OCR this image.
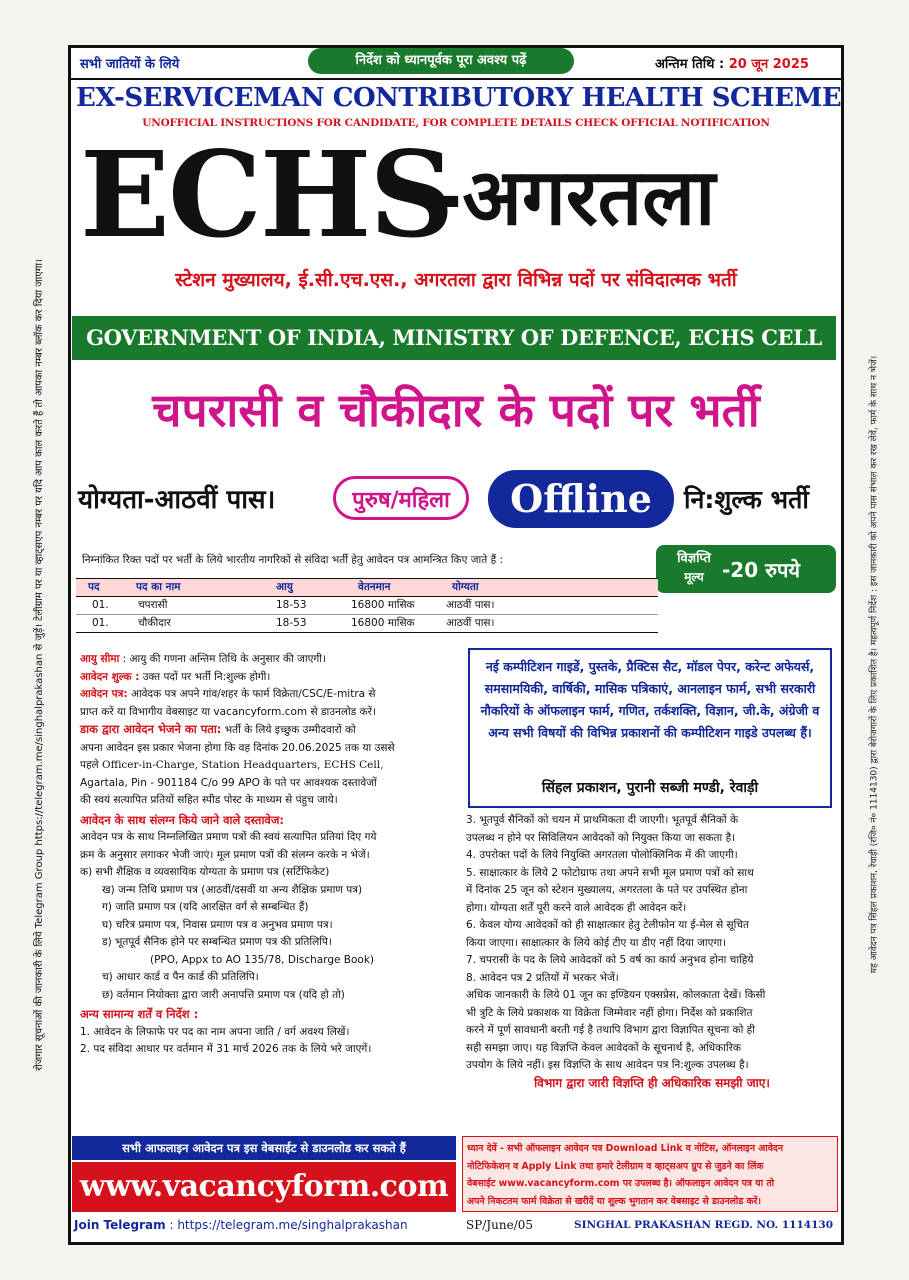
रोजगार सूचनाओं की जानकारी के लिये Telegram Group https://telegram.me/singhalprakashan से जुड़ें। टेलीग्राम पर या व्हाट्सएप नम्बर पर यदि आप काल करते हैं तो आपका नम्बर ब्लॉक कर दिया जाएगा।	यह आवेदन पत्र सिंहल प्रकाशन, रेवाड़ी (रजि० नं० 1114130) द्वारा बेरोजगारों के लिए प्रकाशित है। महत्वपूर्ण निर्देश : इस जानकारी को अपने पास संभाल कर रख लेवें, फार्म के साथ न भेजें।
सभी जातियों के लिये	निर्देश को ध्यानपूर्वक पूरा अवश्य पढ़ें	अन्तिम तिथि : 20 जून 2025
EX-SERVICEMAN CONTRIBUTORY HEALTH SCHEME
UNOFFICIAL INSTRUCTIONS FOR CANDIDATE, FOR COMPLETE DETAILS CHECK OFFICIAL NOTIFICATION
ECHS
-अगरतला
स्टेशन मुख्यालय, ई.सी.एच.एस., अगरतला द्वारा विभिन्न पदों पर संविदात्मक भर्ती
GOVERNMENT OF INDIA, MINISTRY OF DEFENCE, ECHS CELL
चपरासी व चौकीदार के पदों पर भर्ती
योग्यता-आठवीं पास।	पुरुष/महिला	Offline	नि:शुल्क भर्ती
निम्नांकित रिक्त पदों पर भर्ती के लिये भारतीय नागरिकों से संविदा भर्ती हेतु आवेदन पत्र आमन्त्रित किए जाते हैं :	विज्ञप्ति
मूल्य -20 रुपये
पद	पद का नाम	आयु	वेतनमान	योग्यता
01.	चपरासी	18-53	16800 मासिक	आठवीं पास।
01.	चौकीदार	18-53	16800 मासिक	आठवीं पास।

आयु सीमा : आयु की गणना अन्तिम तिथि के अनुसार की जाएगी।

आवेदन शुल्क : उक्त पदों पर भर्ती नि:शुल्क होगी।

आवेदन पत्र: आवेदक पत्र अपने गांव/शहर के फार्म विक्रेता/CSC/E-mitra से

प्राप्त करें या विभागीय वेबसाइट या vacancyform.com से डाउनलोड करें।

डाक द्वारा आवेदन भेजने का पता: भर्ती के लिये इच्छुक उम्मीदवारों को

अपना आवेदन इस प्रकार भेजना होगा कि वह दिनांक 20.06.2025 तक या उससे

पहले Officer-in-Charge, Station Headquarters, ECHS Cell,

Agartala, Pin - 901184 C/o 99 APO के पते पर आवश्यक दस्तावेजों

की स्वयं सत्यापित प्रतियों सहित स्पीड पोस्ट के माध्यम से पंहुच जाये।

आवेदन के साथ संलग्न किये जाने वाले दस्तावेज:

आवेदन पत्र के साथ निम्नलिखित प्रमाण पत्रों की स्वयं सत्यापित प्रतियां दिए गये

क्रम के अनुसार लगाकर भेजी जाएं। मूल प्रमाण पत्रों की संलग्न करके न भेजें।

क) सभी शैक्षिक व व्यवसायिक योग्यता के प्रमाण पत्र (सर्टिफिकेट)

ख) जन्म तिथि प्रमाण पत्र (आठवीं/दसवीं या अन्य शैक्षिक प्रमाण पत्र)

ग) जाति प्रमाण पत्र (यदि आरक्षित वर्ग से सम्बन्धित हैं)

घ) चरित्र प्रमाण पत्र, निवास प्रमाण पत्र व अनुभव प्रमाण पत्र।

ड) भूतपूर्व सैनिक होने पर सम्बन्धित प्रमाण पत्र की प्रतिलिपि।

(PPO, Appx to AO 135/78, Discharge Book)

च) आधार कार्ड व पैन कार्ड की प्रतिलिपि।

छ) वर्तमान नियोक्ता द्वारा जारी अनापत्ति प्रमाण पत्र (यदि हो तो)

अन्य सामान्य शर्तें व निर्देश :

1. आवेदन के लिफाफे पर पद का नाम अपना जाति / वर्ग अवश्य लिखें।

2. पद संविदा आधार पर वर्तमान में 31 मार्च 2026 तक के लिये भरे जाएगें।

नई कम्पीटिशन गाइडें, पुस्तके, प्रैक्टिस सैट, मॉडल पेपर, करेन्ट अफेयर्स, समसामयिकी, वार्षिकी, मासिक पत्रिकाएं, आनलाइन फार्म, सभी सरकारी नौकरियों के ऑफलाइन फार्म, गणित, तर्कशक्ति, विज्ञान, जी.के, अंग्रेजी व अन्य सभी विषयों की विभिन्न प्रकाशनों की कम्पीटिशन गाइडे उपलब्ध हैं।
सिंहल प्रकाशन, पुरानी सब्जी मण्डी, रेवाड़ी

3. भूतपूर्व सैनिकों को चयन में प्राथमिकता दी जाएगी। भूतपूर्व सैनिकों के

उपलब्ध न होने पर सिविलियन आवेदकों को नियुक्त किया जा सकता है।

4. उपरोक्त पदों के लिये नियुक्ति अगरतला पोलोक्लिनिक में की जाएगी।

5. साक्षात्कार के लिये 2 फोटोग्राफ तथा अपने सभी मूल प्रमाण पत्रों को साथ

में दिनांक 25 जून को स्टेशन मुख्यालय, अगरतला के पते पर उपस्थित होना

होगा। योग्यता शर्तें पूरी करने वाले आवेदक ही आवेदन करें।

6. केवल योग्य आवेदकों को ही साक्षात्कार हेतु टेलीफोन या ई-मेल से सूचित

किया जाएगा। साक्षात्कार के लिये कोई टीए या डीए नहीं दिया जाएगा।

7. चपरासी के पद के लिये आवेदकों को 5 वर्ष का कार्य अनुभव होना चाहिये

8. आवेदन पत्र 2 प्रतियों में भरकर भेजें।

अधिक जानकारी के लिये 01 जून का इण्डियन एक्सप्रेस, कोलकाता देखें। किसी

भी त्रुटि के लिये प्रकाशक या विक्रेता जिम्मेवार नहीं होगा। निर्देश को प्रकाशित

करने में पूर्ण सावधानी बरती गई है तथापि विभाग द्वारा विज्ञापित सूचना को ही

सही समझा जाए। यह विज्ञप्ति केवल आवेदकों के सूचनार्थ है, अधिकारिक

उपयोग के लिये नहीं। इस विज्ञप्ति के साथ आवेदन पत्र नि:शुल्क उपलब्ध है।

विभाग द्वारा जारी विज्ञप्ति ही अधिकारिक समझी जाए।

सभी आफलाइन आवेदन पत्र इस वेबसाईट से डाउनलोड कर सकते हैं
www.vacancyform.com

ध्यान देवें - सभी ऑफलाइन आवेदन पत्र Download Link व नोटिस, ऑनलाइन आवेदन

नोटिफिकेशन व Apply Link तथा हमारे टेलीग्राम व व्हाट्सअप ग्रुप से जुडने का लिंक

वेबसाईट www.vacancyform.com पर उपलब्ध है। ऑफलाइन आवेदन पत्र या तो

अपने निकटतम फार्म विक्रेता से खरीदें या शुल्क भुगतान कर वेबसाइट से डाउनलोड करें।

Join Telegram : https://telegram.me/singhalprakashan	SP/June/05	SINGHAL PRAKASHAN REGD. NO. 1114130
